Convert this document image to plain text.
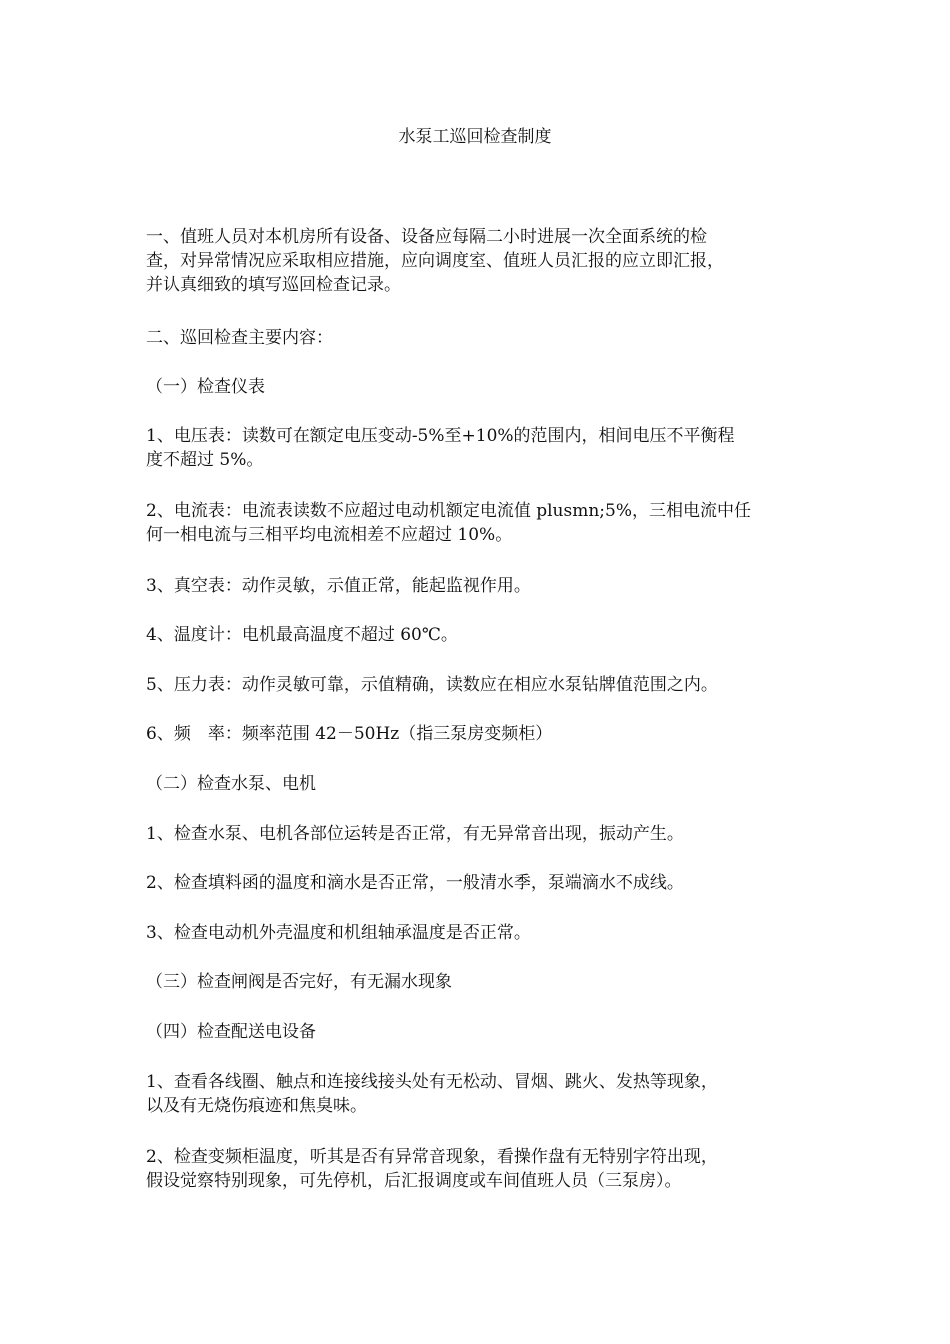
水泵工巡回检查制度
一、值班人员对本机房所有设备、设备应每隔二小时进展一次全面系统的检
查，对异常情况应采取相应措施，应向调度室、值班人员汇报的应立即汇报，
并认真细致的填写巡回检查记录。
二、巡回检查主要内容：
（一）检查仪表
1、电压表：读数可在额定电压变动-5%至+10%的范围内，相间电压不平衡程
度不超过 5%。
2、电流表：电流表读数不应超过电动机额定电流值 plusmn;5%，三相电流中任
何一相电流与三相平均电流相差不应超过 10%。
3、真空表：动作灵敏，示值正常，能起监视作用。
4、温度计：电机最高温度不超过 60℃。
5、压力表：动作灵敏可靠，示值精确，读数应在相应水泵钻牌值范围之内。
6、频　率：频率范围 42－50Hz（指三泵房变频柜）
（二）检查水泵、电机
1、检查水泵、电机各部位运转是否正常，有无异常音出现，振动产生。
2、检查填料函的温度和滴水是否正常，一般清水季，泵端滴水不成线。
3、检查电动机外壳温度和机组轴承温度是否正常。
（三）检查闸阀是否完好，有无漏水现象
（四）检查配送电设备
1、查看各线圈、触点和连接线接头处有无松动、冒烟、跳火、发热等现象，
以及有无烧伤痕迹和焦臭味。
2、检查变频柜温度，听其是否有异常音现象，看操作盘有无特别字符出现，
假设觉察特别现象，可先停机，后汇报调度或车间值班人员（三泵房）。
